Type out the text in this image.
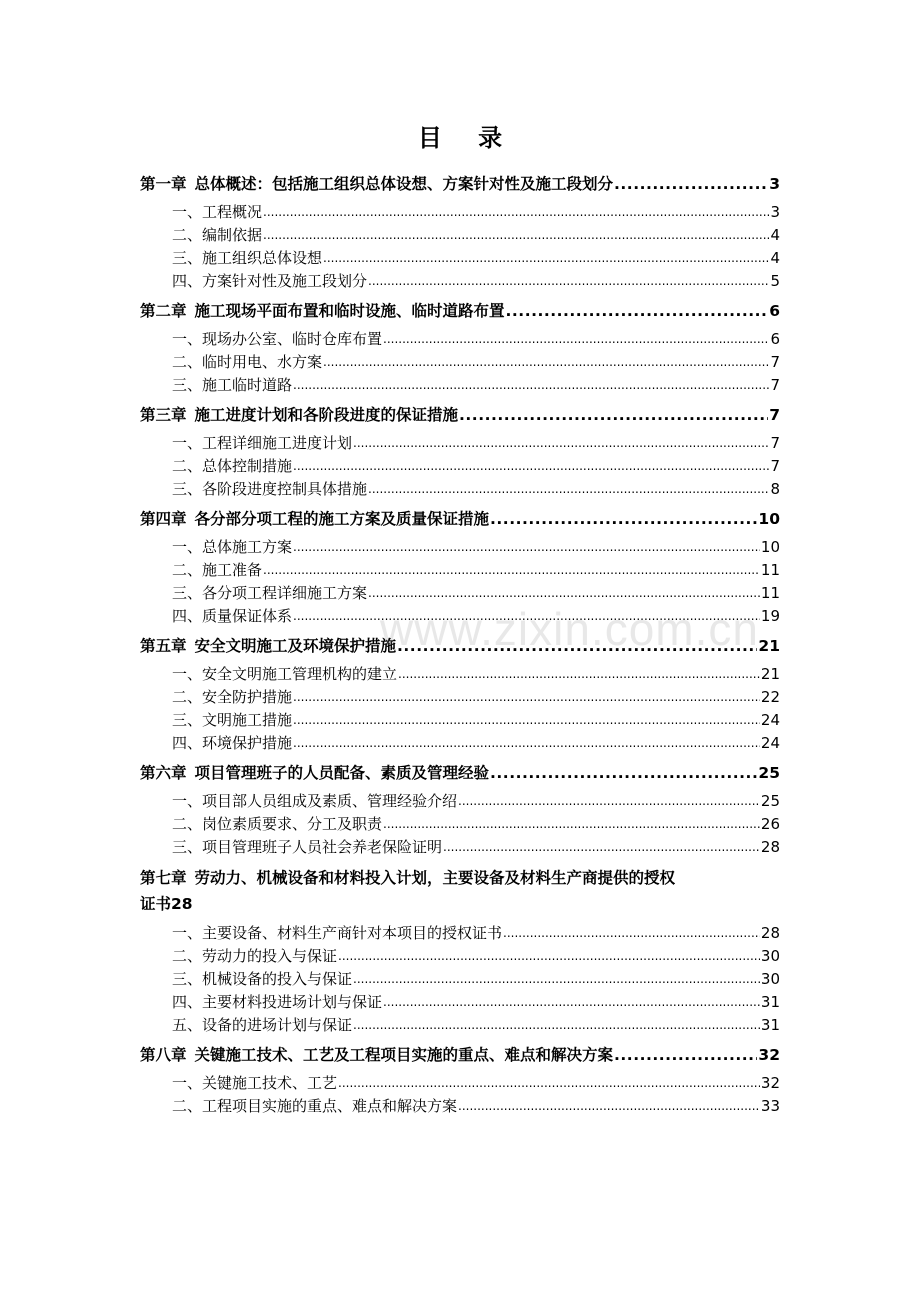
目 录
第一章 总体概述：包括施工组织总体设想、方案针对性及施工段划分 .....	3
一、工程概况 .....	3
二、编制依据 .....	4
三、施工组织总体设想 .....	4
四、方案针对性及施工段划分 .....	5
第二章 施工现场平面布置和临时设施、临时道路布置 .....	6
一、现场办公室、临时仓库布置 .....	6
二、临时用电、水方案 .....	7
三、施工临时道路 .....	7
第三章 施工进度计划和各阶段进度的保证措施 .....	7
一、工程详细施工进度计划 .....	7
二、总体控制措施 .....	7
三、各阶段进度控制具体措施 .....	8
第四章 各分部分项工程的施工方案及质量保证措施 .....	10
一、总体施工方案 .....	10
二、施工准备 .....	11
三、各分项工程详细施工方案 .....	11
四、质量保证体系 .....	19
第五章 安全文明施工及环境保护措施 .....	21
一、安全文明施工管理机构的建立 .....	21
二、安全防护措施 .....	22
三、文明施工措施 .....	24
四、环境保护措施 .....	24
第六章 项目管理班子的人员配备、素质及管理经验 .....	25
一、项目部人员组成及素质、管理经验介绍 .....	25
二、岗位素质要求、分工及职责 .....	26
三、项目管理班子人员社会养老保险证明 .....	28
第七章 劳动力、机械设备和材料投入计划，主要设备及材料生产商提供的授权
证书 28
一、主要设备、材料生产商针对本项目的授权证书 .....	28
二、劳动力的投入与保证 .....	30
三、机械设备的投入与保证 .....	30
四、主要材料投进场计划与保证 .....	31
五、设备的进场计划与保证 .....	31
第八章 关键施工技术、工艺及工程项目实施的重点、难点和解决方案 .....	32
一、关键施工技术、工艺 .....	32
二、工程项目实施的重点、难点和解决方案 .....	33
www.zixin.com.cn
